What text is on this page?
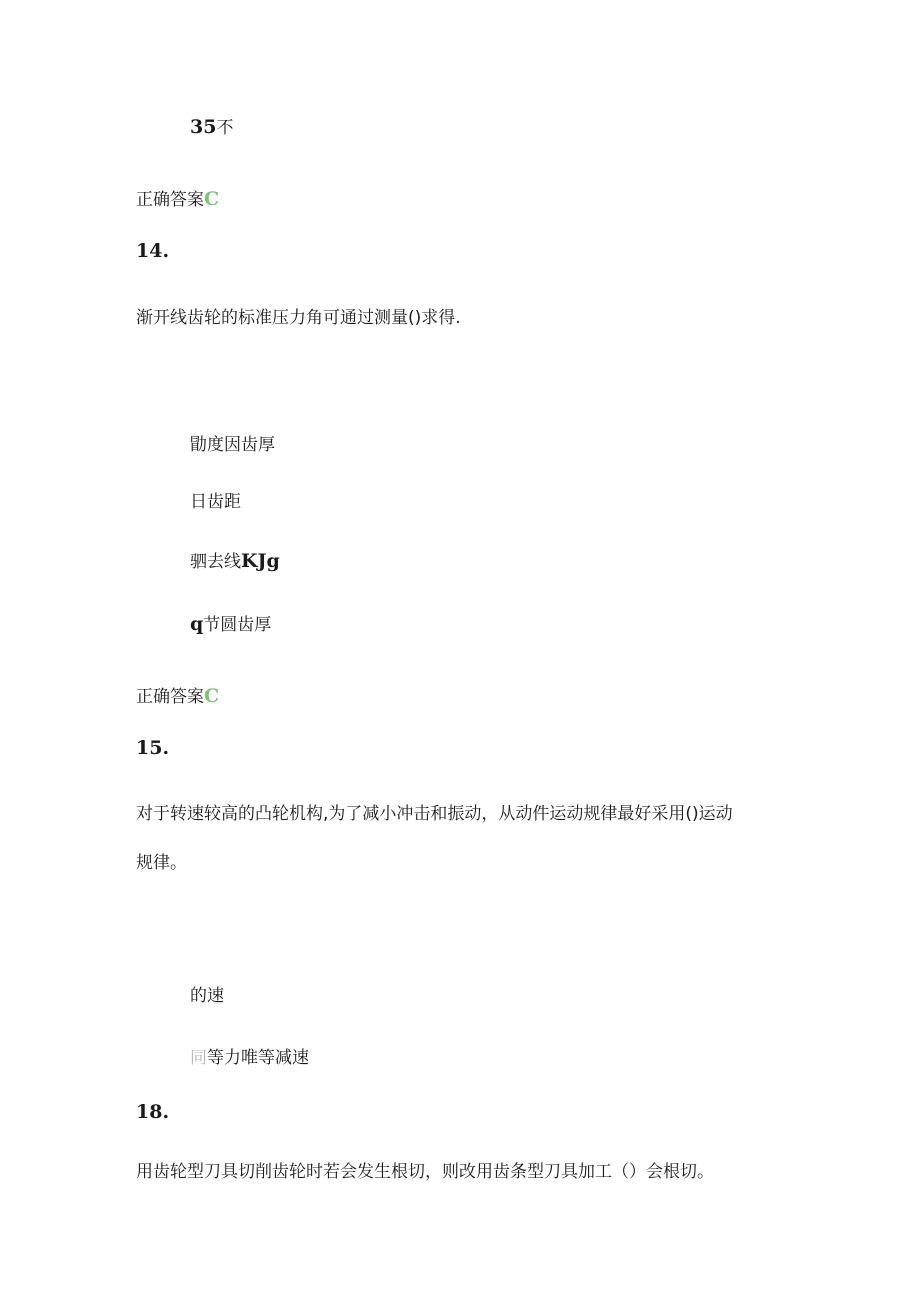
35不
正确答案C
14.
渐开线齿轮的标准压力角可通过测量()求得.
勖度因齿厚
日齿距
驷去线KJg
q节圆齿厚
正确答案C
15.
对于转速较高的凸轮机构,为了减小冲击和振动，从动件运动规律最好采用()运动
规律。
的速
同等力唯等减速
18.
用齿轮型刀具切削齿轮时若会发生根切，则改用齿条型刀具加工（）会根切。
